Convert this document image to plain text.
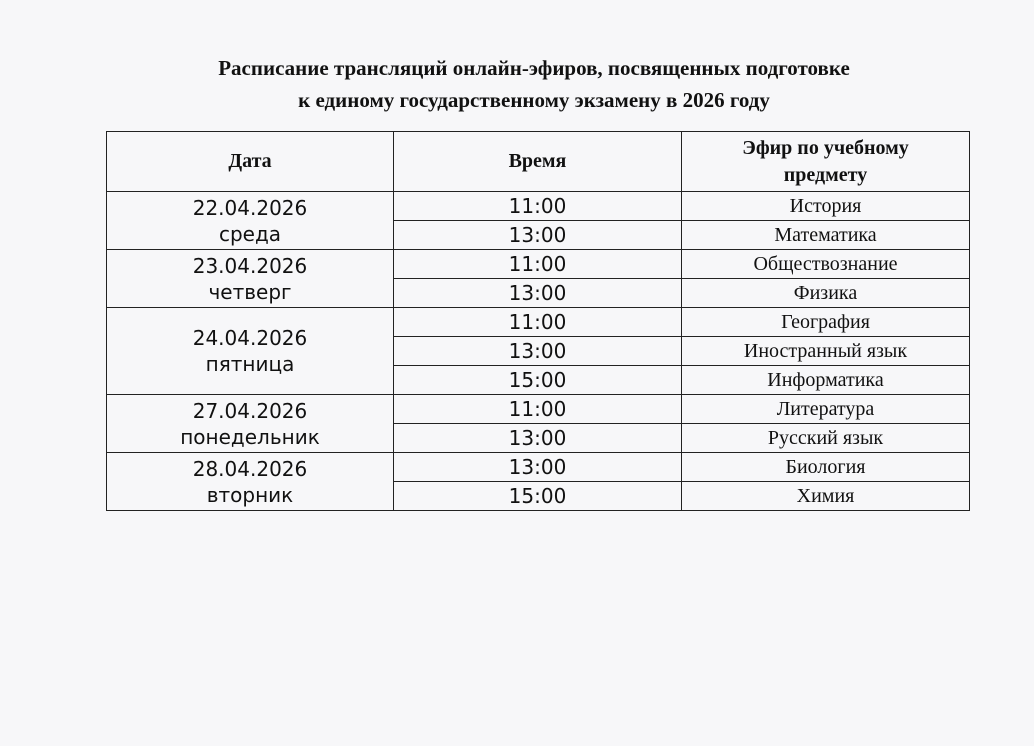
Расписание трансляций онлайн-эфиров, посвященных подготовке
к единому государственному экзамену в 2026 году
Дата	Время	Эфир по учебному
предмету

22.04.2026
среда	11:00	История
	13:00	Математика

23.04.2026
четверг	11:00	Обществознание
	13:00	Физика

24.04.2026
пятница	11:00	География
	13:00	Иностранный язык
	15:00	Информатика

27.04.2026
понедельник	11:00	Литература
	13:00	Русский язык

28.04.2026
вторник	13:00	Биология
	15:00	Химия
